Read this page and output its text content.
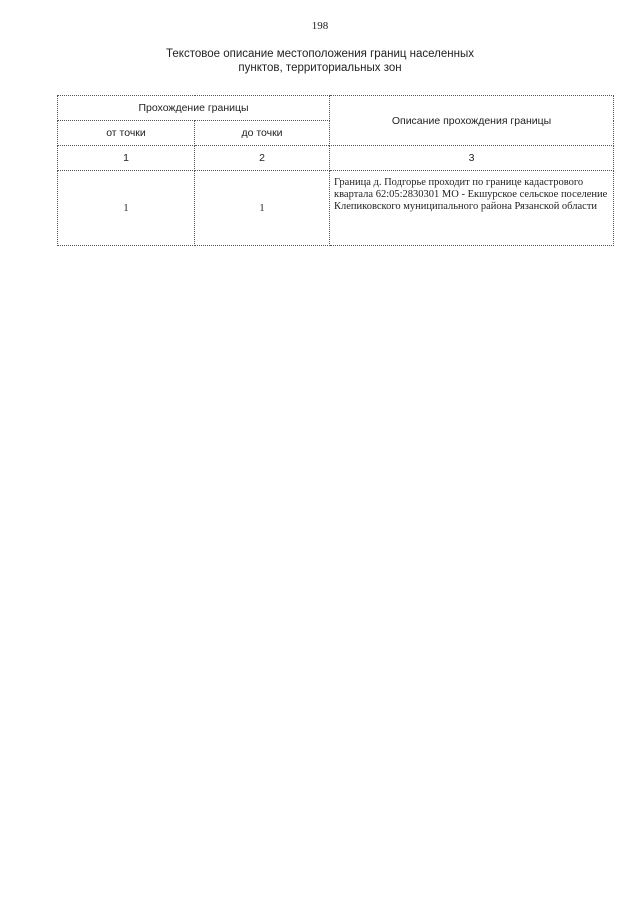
198
Текстовое описание местоположения границ населенных
пунктов, территориальных зон
Прохождение границы		Описание прохождения границы
от точки	до точки	
1	2	3
1	1	Граница д. Подгорье проходит по границе кадастрового квартала 62:05:2830301 МО - Екшурское сельское поселение Клепиковского муниципального района Рязанской области
